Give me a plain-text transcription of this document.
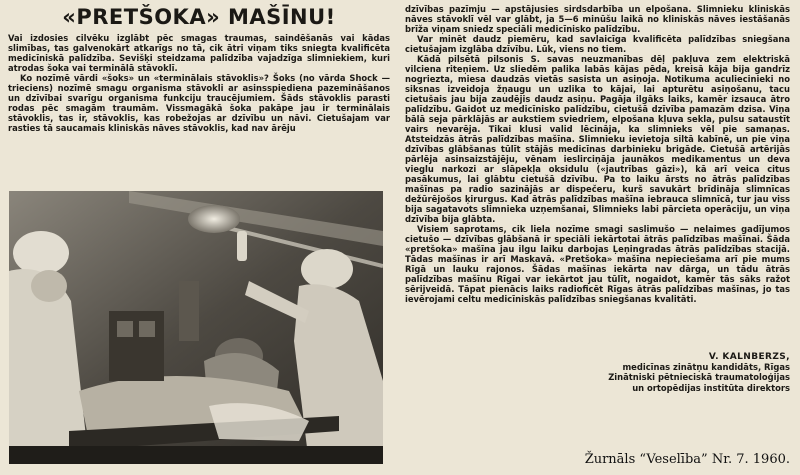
«PRETŠOKA» MAŠĪNU!

Vai izdosies cilvēku izglābt pēc smagas traumas, saindēšanās vai kādas slimības, tas galvenokārt atkarīgs no tā, cik ātri viņam tiks sniegta kvalificēta medicīniskā palīdzība. Sevišķi steidzama palīdzība vajadzīga slimniekiem, kuri atrodas šoka vai terminālā stāvoklī.

Ko nozīmē vārdi «šoks» un «terminālais stāvoklis»? Šoks (no vārda Shock — trieciens) nozīmē smagu organisma stāvokli ar asinsspiediena pazemināšanos un dzīvībai svarīgu organisma funkciju traucējumiem. Šāds stāvoklis parasti rodas pēc smagām traumām. Vissmagākā šoka pakāpe jau ir terminālais stāvoklis, tas ir, stāvoklis, kas robežojas ar dzīvību un nāvi. Cietušajam var rasties tā saucamais kliniskās nāves stāvoklis, kad nav ārēju

dzīvības pazīmju — apstājusies sirdsdarbība un elpošana. Slimnieku kliniskās nāves stāvoklī vēl var glābt, ja 5—6 minūšu laikā no kliniskās nāves iestāšanās brīža viņam sniedz speciāli medicīnisko palīdzību.

Var minēt daudz piemēru, kad savlaicīga kvalificēta palīdzības sniegšana cietušajam izglāba dzīvību. Lūk, viens no tiem.

Kādā pilsētā pilsonis S. savas neuzmanības dēļ pakļuva zem elektriskā vilciena riteņiem. Uz sliedēm palika labās kājas pēda, kreisā kāja bija gandrīz nogriezta, miesa daudzās vietās sasista un asiņoja. Notikuma aculiecinieki no siksnas izveidoja žņaugu un uzlika to kājai, lai apturētu asiņošanu, tacu cietušais jau bija zaudējis daudz asiņu. Pagāja ilgāks laiks, kamēr izsauca ātro palīdzību. Gaidot uz medicīnisko palīdzību, cietušā dzīvība pamazām dzisa. Viņa bālā seja pārklājās ar aukstiem sviedriem, elpošana kļuva sekla, pulsu sataustīt vairs nevarēja. Tikai klusi valid lēcināja, ka slimnieks vēl pie samaņas. Atsteidzās ātrās palīdzības mašīna. Slimnieku ievietoja siltā kabīnē, un pie viņa dzīvības glābšanas tūlīt stājās medicīnas darbinieku brigāde. Cietušā artērijās pārlēja asinsaizstājēju, vēnam ieslirciņāja jaunākos medikamentus un deva vieglu narkozi ar slāpekļa oksidulu («jautrības gāzi»), kā arī veica citus pasākumus, lai glābtu cietušā dzīvību. Pa to laiku ārsts no ātrās palīdzības mašīnas pa radio sazinājās ar dispečeru, kurš savukārt brīdināja slimnīcas dežūrējošos ķirurgus. Kad ātrās palīdzības mašīna iebrauca slimnīcā, tur jau viss bija sagatavots slimnieka uzņemšanai, Slimnieks labi pārcieta operāciju, un viņa dzīvība bija glābta.

Visiem saprotams, cik liela nozīme smagi saslimušo — nelaimes gadījumos cietušo — dzīvības glābšanā ir speciāli iekārtotai ātrās palīdzības mašīnai. Šāda «pretšoka» mašīna jau ilgu laiku darbojas Ļeņingradas ātrās palīdzības stacijā. Tādas mašīnas ir arī Maskavā. «Pretšoka» mašīna nepieciešama arī pie mums Rīgā un lauku rajonos. Šādas mašīnas iekārta nav dārga, un tādu ātrās palīdzības mašīnu Rīgai var iekārtot jau tūlīt, nogaidot, kamēr tās sāks ražot sērijveidā. Tāpat pienācis laiks radioficēt Rīgas ātrās palīdzības mašīnas, jo tas ievērojami celtu medicīniskās palīdzības sniegšanas kvalitāti.

V. KALNBERZS,
medicīnas zinātņu kandidāts, Rīgas
Zinātniski pētnieciskā traumatoloģijas
un ortopēdijas institūta direktors
Žurnāls “Veselība” Nr. 7. 1960.
